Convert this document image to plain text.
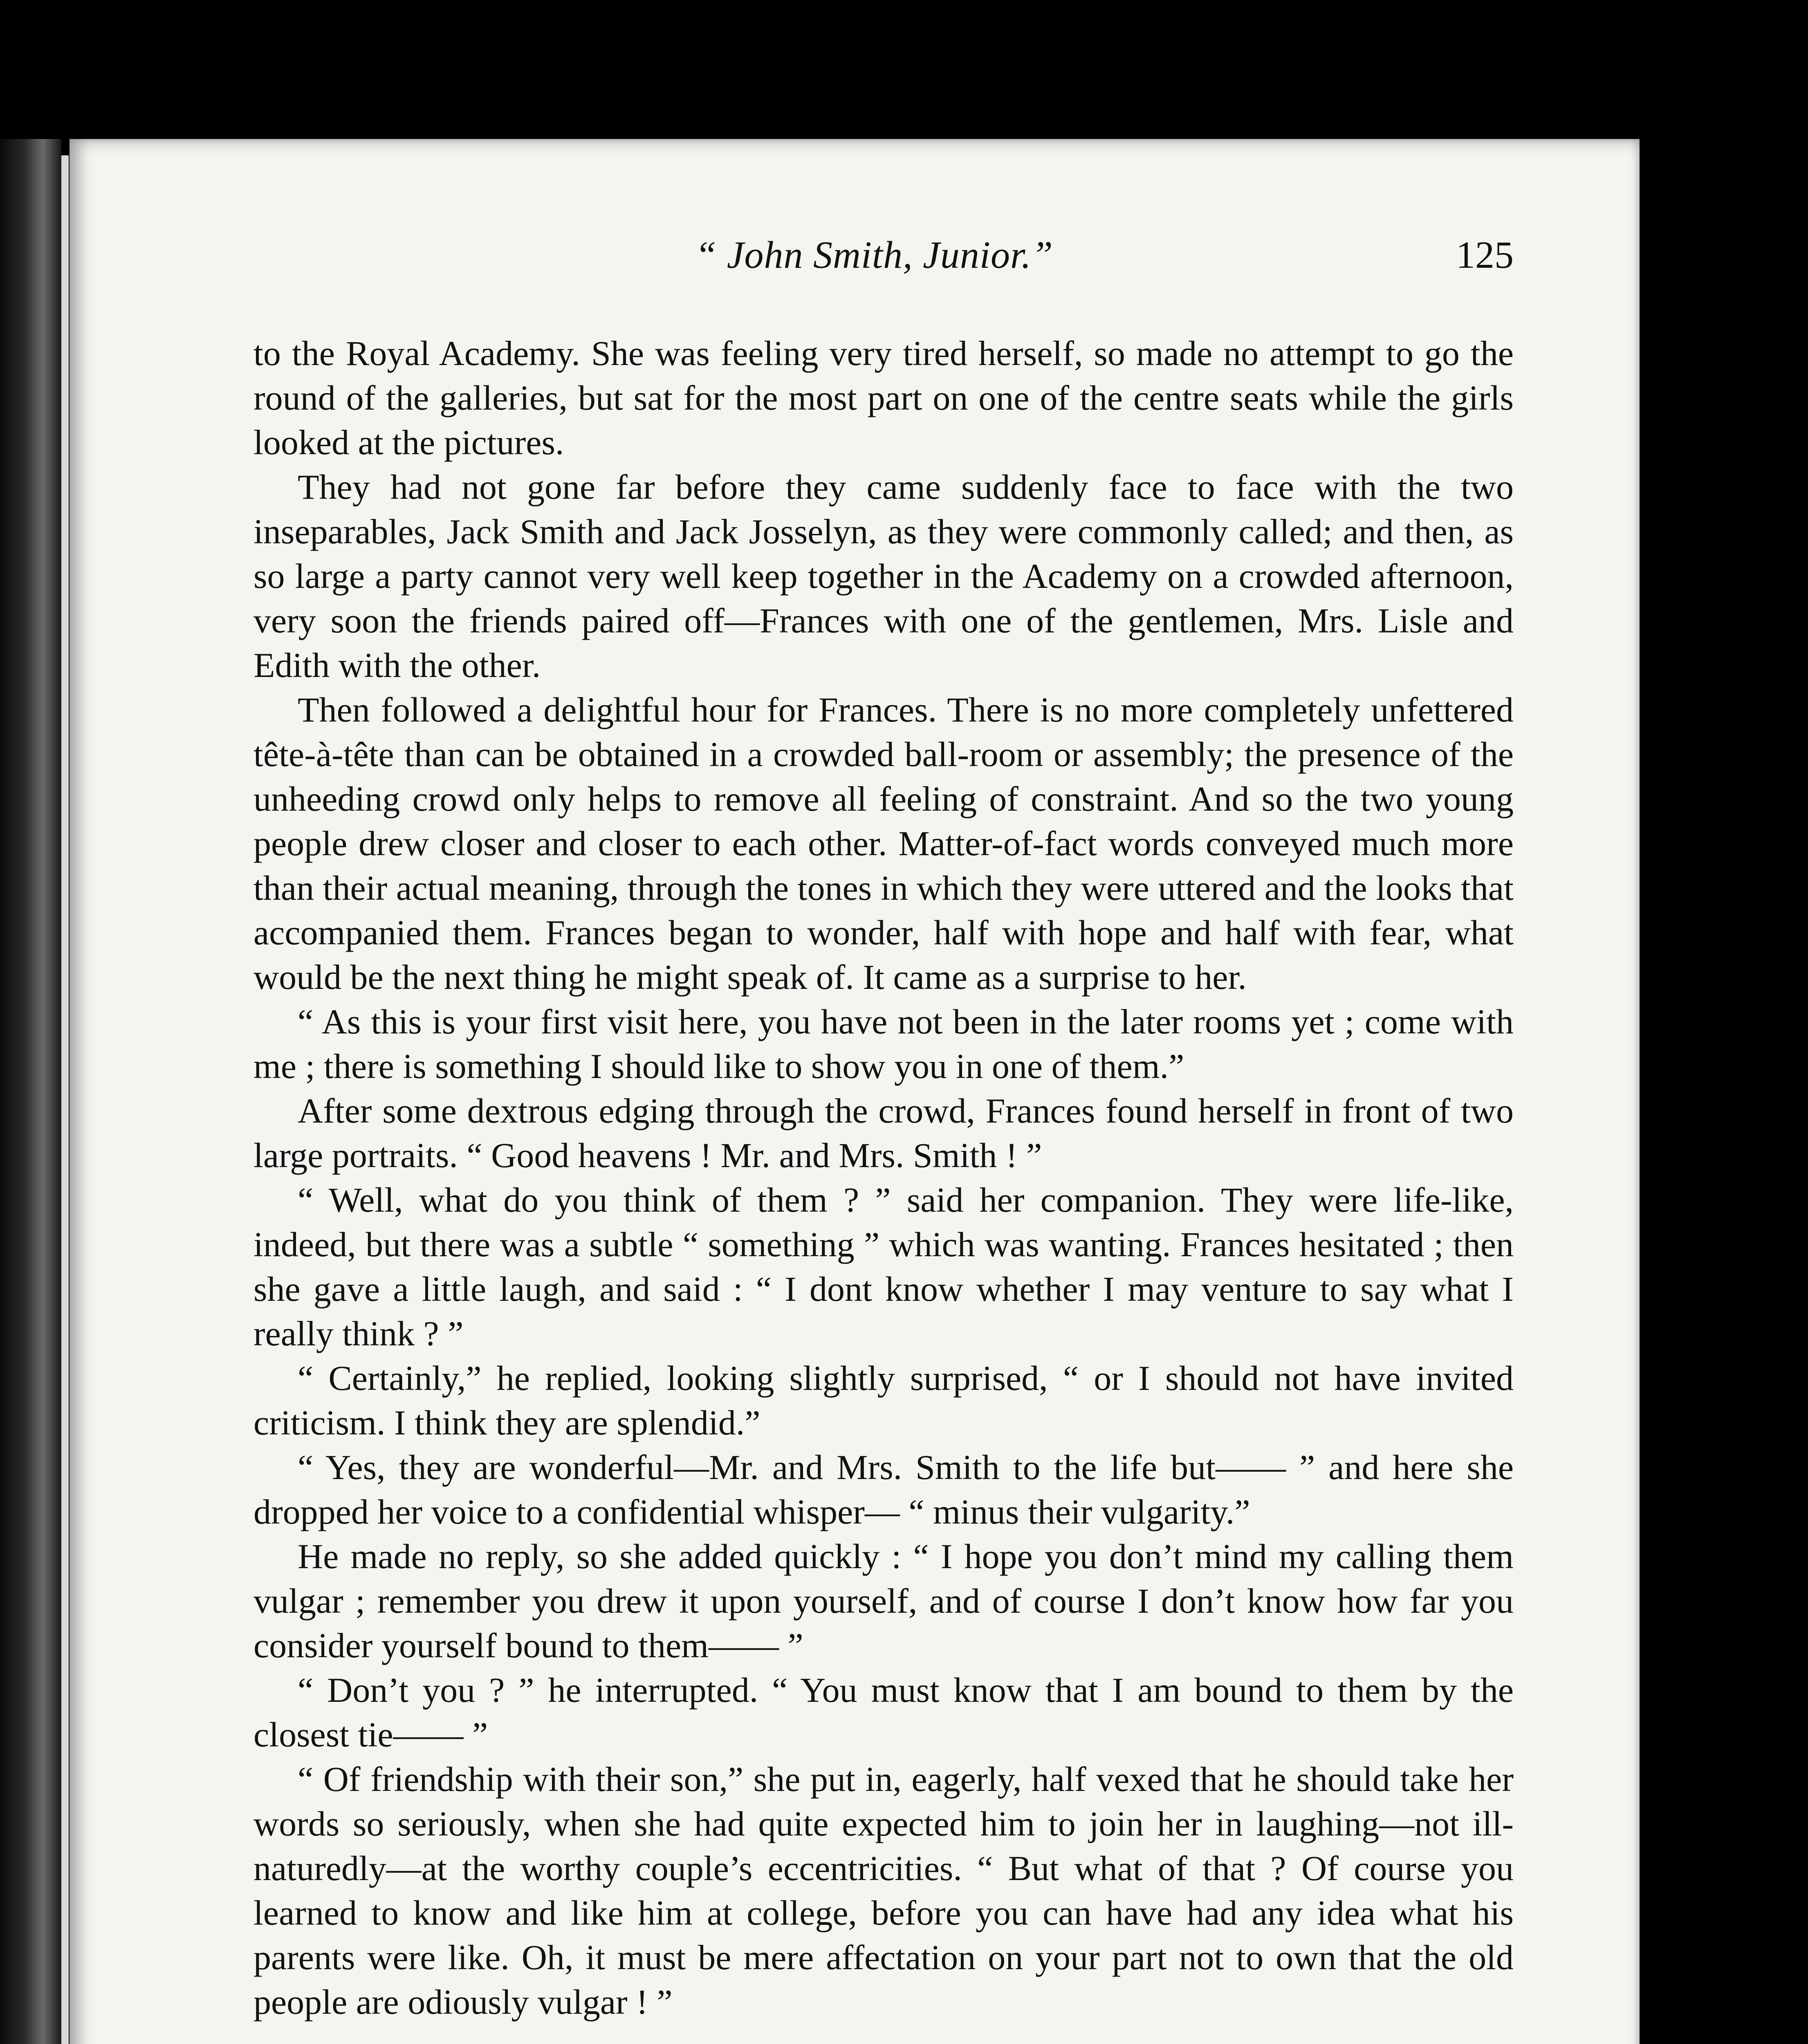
“ John Smith, Junior.”	125

to the Royal Academy. She was feeling very tired herself, so made no attempt to go the round of the galleries, but sat for the most part on one of the centre seats while the girls looked at the pictures.

They had not gone far before they came suddenly face to face with the two inseparables, Jack Smith and Jack Josselyn, as they were commonly called; and then, as so large a party cannot very well keep together in the Academy on a crowded afternoon, very soon the friends paired off—Frances with one of the gentlemen, Mrs. Lisle and Edith with the other.

Then followed a delightful hour for Frances. There is no more completely unfettered tête-à-tête than can be obtained in a crowded ball-room or assembly; the presence of the unheeding crowd only helps to remove all feeling of constraint. And so the two young people drew closer and closer to each other. Matter-of-fact words conveyed much more than their actual meaning, through the tones in which they were uttered and the looks that accompanied them. Frances began to wonder, half with hope and half with fear, what would be the next thing he might speak of. It came as a surprise to her.

“ As this is your first visit here, you have not been in the later rooms yet ; come with me ; there is something I should like to show you in one of them.”

After some dextrous edging through the crowd, Frances found herself in front of two large portraits. “ Good heavens ! Mr. and Mrs. Smith ! ”

“ Well, what do you think of them ? ” said her companion. They were life-like, indeed, but there was a subtle “ something ” which was wanting. Frances hesitated ; then she gave a little laugh, and said : “ I dont know whether I may venture to say what I really think ? ”

“ Certainly,” he replied, looking slightly surprised, “ or I should not have invited criticism. I think they are splendid.”

“ Yes, they are wonderful—Mr. and Mrs. Smith to the life but—— ” and here she dropped her voice to a confidential whisper— “ minus their vulgarity.”

He made no reply, so she added quickly : “ I hope you don’t mind my calling them vulgar ; remember you drew it upon yourself, and of course I don’t know how far you consider yourself bound to them—— ”

“ Don’t you ? ” he interrupted. “ You must know that I am bound to them by the closest tie—— ”

“ Of friendship with their son,” she put in, eagerly, half vexed that he should take her words so seriously, when she had quite expected him to join her in laughing—not ill-naturedly—at the worthy couple’s eccentricities. “ But what of that ? Of course you learned to know and like him at college, before you can have had any idea what his parents were like. Oh, it must be mere affectation on your part not to own that the old people are odiously vulgar ! ”
